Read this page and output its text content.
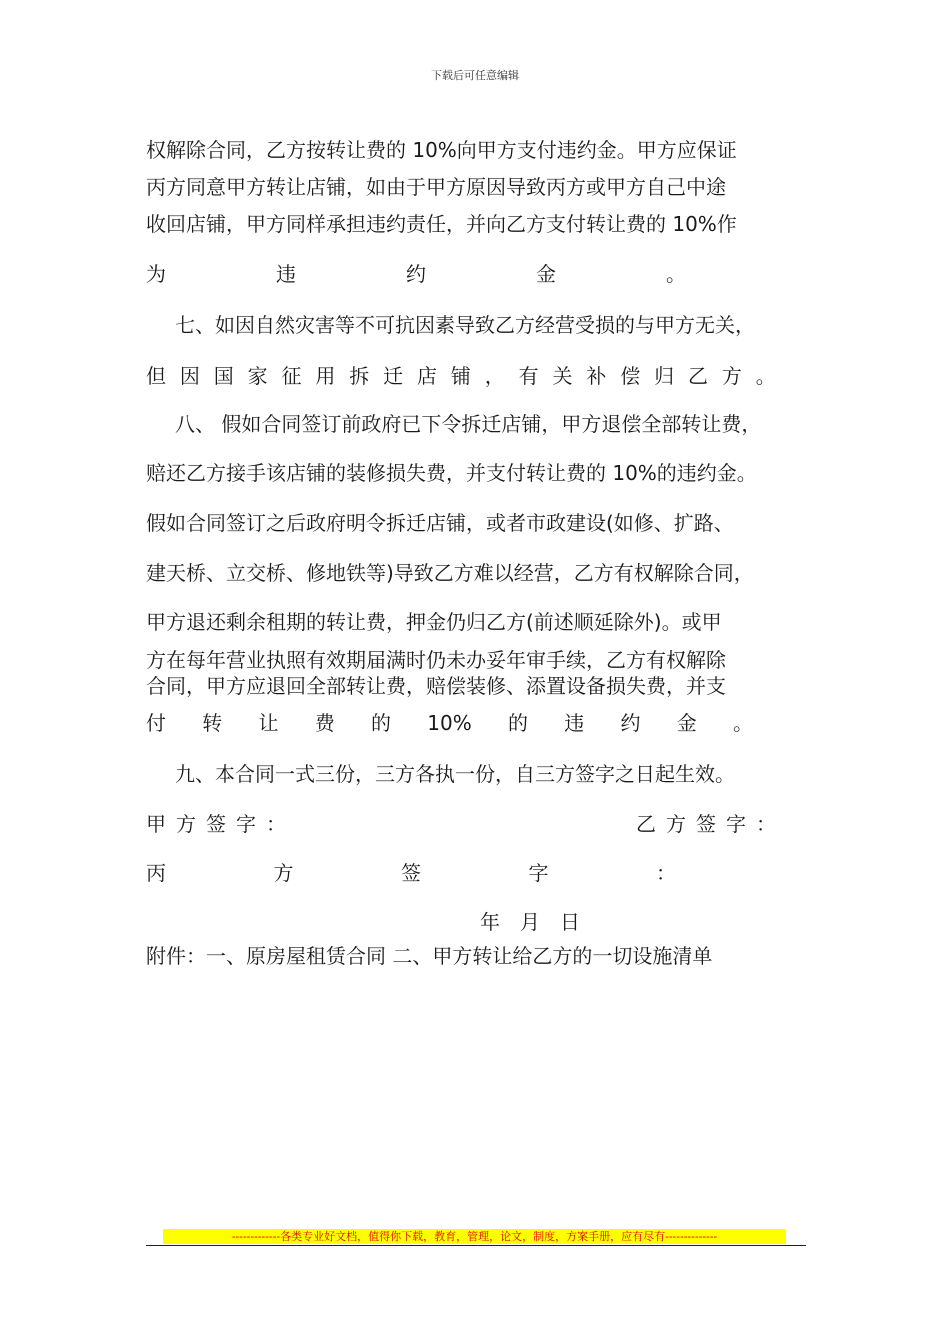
下载后可任意编辑
权解除合同，乙方按转让费的 10%向甲方支付违约金。甲方应保证
丙方同意甲方转让店铺，如由于甲方原因导致丙方或甲方自己中途
收回店铺，甲方同样承担违约责任，并向乙方支付转让费的 10%作
为	违	约	金	。
七、如因自然灾害等不可抗因素导致乙方经营受损的与甲方无关，
但 因 国 家 征 用 拆 迁 店 铺 ， 有 关 补 偿 归 乙 方 。
八、 假如合同签订前政府已下令拆迁店铺，甲方退偿全部转让费，
赔还乙方接手该店铺的装修损失费，并支付转让费的 10%的违约金。
假如合同签订之后政府明令拆迁店铺，或者市政建设(如修、扩路、
建天桥、立交桥、修地铁等)导致乙方难以经营，乙方有权解除合同，
甲方退还剩余租期的转让费，押金仍归乙方(前述顺延除外)。或甲
方在每年营业执照有效期届满时仍未办妥年审手续，乙方有权解除
合同，甲方应退回全部转让费，赔偿装修、添置设备损失费，并支
付 转 让 费 的 10% 的 违 约 金 。
九、本合同一式三份，三方各执一份，自三方签字之日起生效。
甲 方 签 字 ：	乙 方 签 字 ：
丙	方	签	字	：
年 月 日
附件：一、原房屋租赁合同 二、甲方转让给乙方的一切设施清单
-------------各类专业好文档，值得你下载，教育，管理，论文，制度，方案手册，应有尽有--------------
